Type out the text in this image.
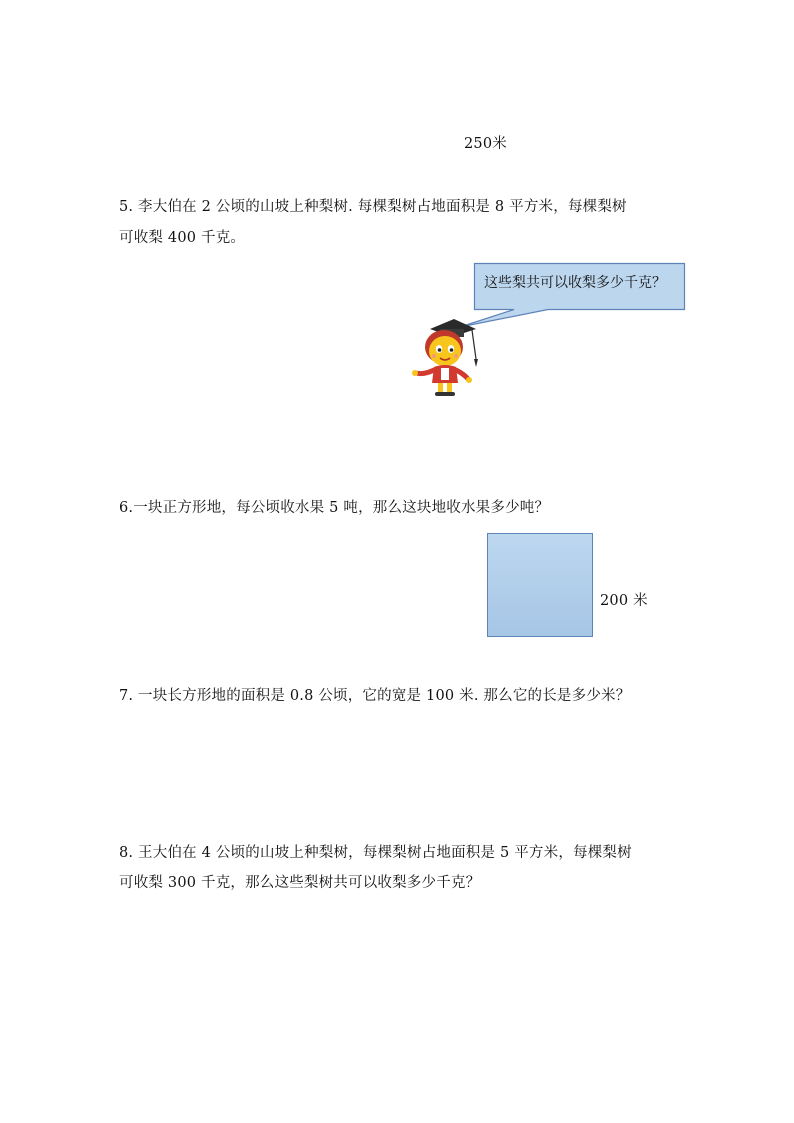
250米
5. 李大伯在 2 公顷的山坡上种梨树. 每棵梨树占地面积是 8 平方米，每棵梨树
可收梨 400 千克。
这些梨共可以收梨多少千克？
6.一块正方形地，每公顷收水果 5 吨，那么这块地收水果多少吨？
200 米
7. 一块长方形地的面积是 0.8 公顷，它的宽是 100 米. 那么它的长是多少米？
8. 王大伯在 4 公顷的山坡上种梨树，每棵梨树占地面积是 5 平方米，每棵梨树
可收梨 300 千克，那么这些梨树共可以收梨多少千克？
